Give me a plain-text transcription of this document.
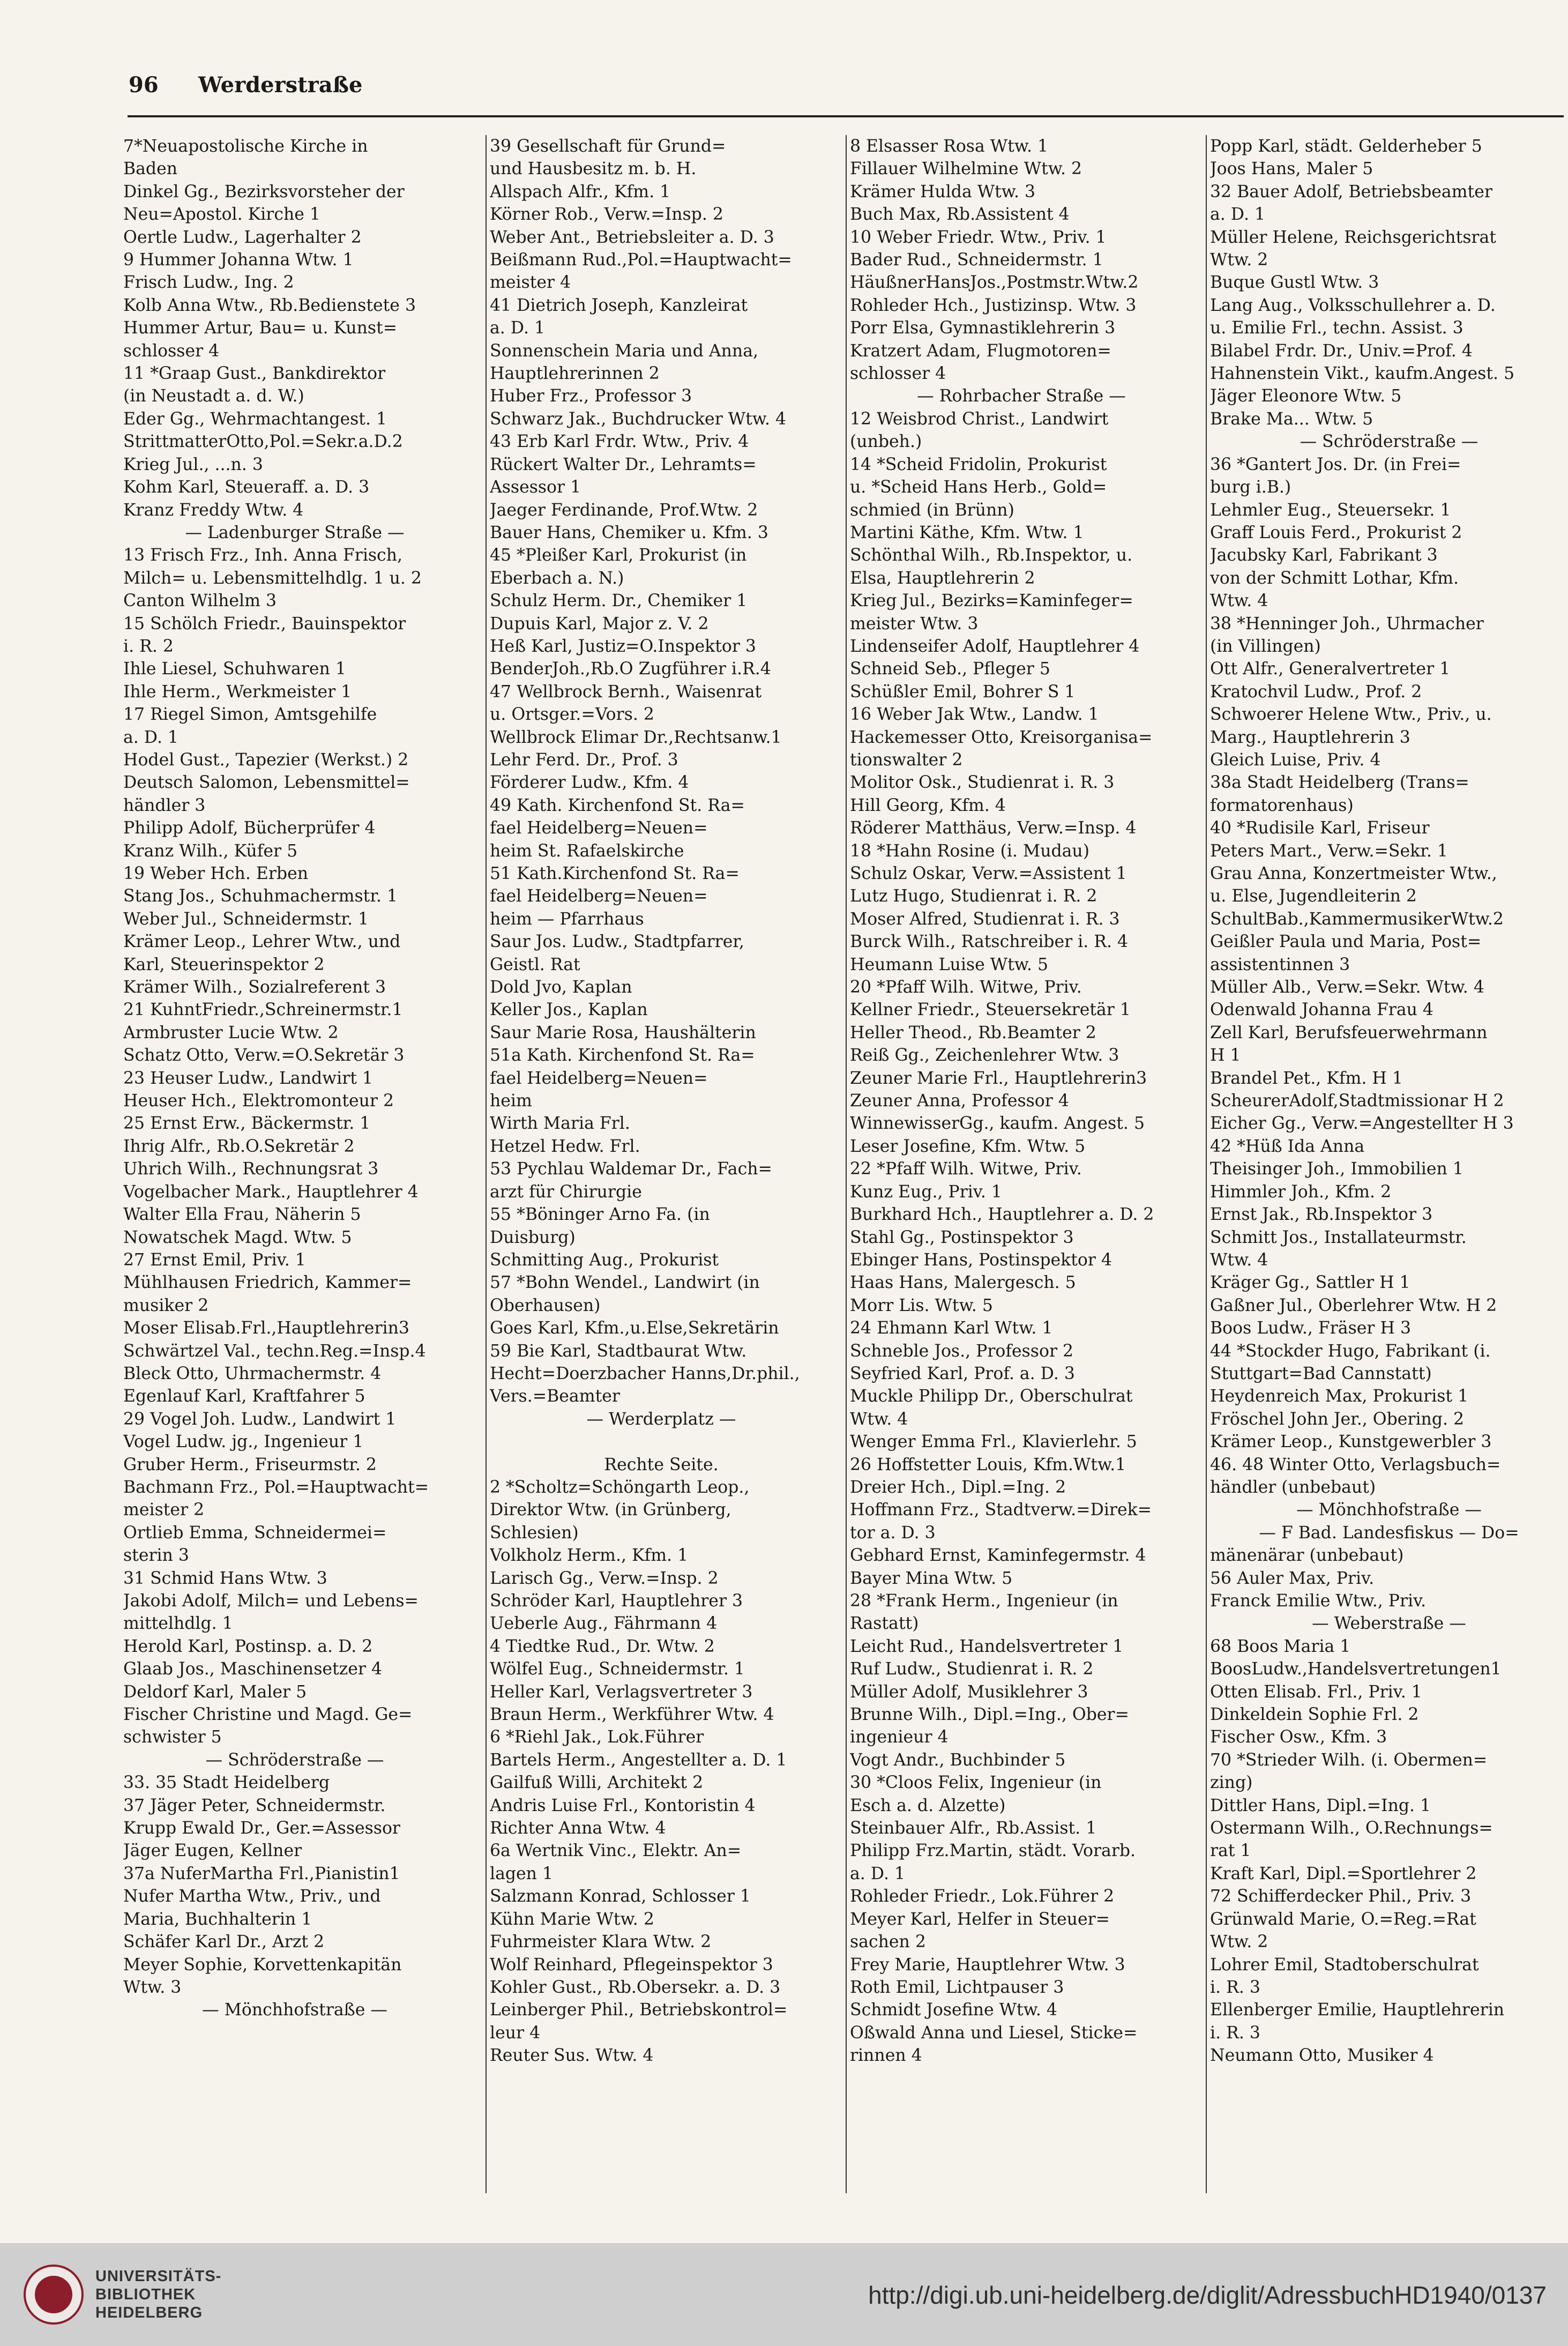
96	Werderstraße
7*Neuapostolische Kirche in
Baden
Dinkel Gg., Bezirksvorsteher der
Neu=Apostol. Kirche 1
Oertle Ludw., Lagerhalter 2
9 Hummer Johanna Wtw. 1
Frisch Ludw., Ing. 2
Kolb Anna Wtw., Rb.Bedienstete 3
Hummer Artur, Bau= u. Kunst=
schlosser 4
11 *Graap Gust., Bankdirektor
(in Neustadt a. d. W.)
Eder Gg., Wehrmachtangest. 1
StrittmatterOtto,Pol.=Sekr.a.D.2
Krieg Jul., ...n. 3
Kohm Karl, Steueraff. a. D. 3
Kranz Freddy Wtw. 4
— Ladenburger Straße —
13 Frisch Frz., Inh. Anna Frisch,
Milch= u. Lebensmittelhdlg. 1 u. 2
Canton Wilhelm 3
15 Schölch Friedr., Bauinspektor
i. R. 2
Ihle Liesel, Schuhwaren 1
Ihle Herm., Werkmeister 1
17 Riegel Simon, Amtsgehilfe
a. D. 1
Hodel Gust., Tapezier (Werkst.) 2
Deutsch Salomon, Lebensmittel=
händler 3
Philipp Adolf, Bücherprüfer 4
Kranz Wilh., Küfer 5
19 Weber Hch. Erben
Stang Jos., Schuhmachermstr. 1
Weber Jul., Schneidermstr. 1
Krämer Leop., Lehrer Wtw., und
Karl, Steuerinspektor 2
Krämer Wilh., Sozialreferent 3
21 KuhntFriedr.,Schreinermstr.1
Armbruster Lucie Wtw. 2
Schatz Otto, Verw.=O.Sekretär 3
23 Heuser Ludw., Landwirt 1
Heuser Hch., Elektromonteur 2
25 Ernst Erw., Bäckermstr. 1
Ihrig Alfr., Rb.O.Sekretär 2
Uhrich Wilh., Rechnungsrat 3
Vogelbacher Mark., Hauptlehrer 4
Walter Ella Frau, Näherin 5
Nowatschek Magd. Wtw. 5
27 Ernst Emil, Priv. 1
Mühlhausen Friedrich, Kammer=
musiker 2
Moser Elisab.Frl.,Hauptlehrerin3
Schwärtzel Val., techn.Reg.=Insp.4
Bleck Otto, Uhrmachermstr. 4
Egenlauf Karl, Kraftfahrer 5
29 Vogel Joh. Ludw., Landwirt 1
Vogel Ludw. jg., Ingenieur 1
Gruber Herm., Friseurmstr. 2
Bachmann Frz., Pol.=Hauptwacht=
meister 2
Ortlieb Emma, Schneidermei=
sterin 3
31 Schmid Hans Wtw. 3
Jakobi Adolf, Milch= und Lebens=
mittelhdlg. 1
Herold Karl, Postinsp. a. D. 2
Glaab Jos., Maschinensetzer 4
Deldorf Karl, Maler 5
Fischer Christine und Magd. Ge=
schwister 5
— Schröderstraße —
33. 35 Stadt Heidelberg
37 Jäger Peter, Schneidermstr.
Krupp Ewald Dr., Ger.=Assessor
Jäger Eugen, Kellner
37a NuferMartha Frl.,Pianistin1
Nufer Martha Wtw., Priv., und
Maria, Buchhalterin 1
Schäfer Karl Dr., Arzt 2
Meyer Sophie, Korvettenkapitän
Wtw. 3
— Mönchhofstraße —
39 Gesellschaft für Grund=
und Hausbesitz m. b. H.
Allspach Alfr., Kfm. 1
Körner Rob., Verw.=Insp. 2
Weber Ant., Betriebsleiter a. D. 3
Beißmann Rud.,Pol.=Hauptwacht=
meister 4
41 Dietrich Joseph, Kanzleirat
a. D. 1
Sonnenschein Maria und Anna,
Hauptlehrerinnen 2
Huber Frz., Professor 3
Schwarz Jak., Buchdrucker Wtw. 4
43 Erb Karl Frdr. Wtw., Priv. 4
Rückert Walter Dr., Lehramts=
Assessor 1
Jaeger Ferdinande, Prof.Wtw. 2
Bauer Hans, Chemiker u. Kfm. 3
45 *Pleißer Karl, Prokurist (in
Eberbach a. N.)
Schulz Herm. Dr., Chemiker 1
Dupuis Karl, Major z. V. 2
Heß Karl, Justiz=O.Inspektor 3
BenderJoh.,Rb.O Zugführer i.R.4
47 Wellbrock Bernh., Waisenrat
u. Ortsger.=Vors. 2
Wellbrock Elimar Dr.,Rechtsanw.1
Lehr Ferd. Dr., Prof. 3
Förderer Ludw., Kfm. 4
49 Kath. Kirchenfond St. Ra=
fael Heidelberg=Neuen=
heim St. Rafaelskirche
51 Kath.Kirchenfond St. Ra=
fael Heidelberg=Neuen=
heim — Pfarrhaus
Saur Jos. Ludw., Stadtpfarrer,
Geistl. Rat
Dold Jvo, Kaplan
Keller Jos., Kaplan
Saur Marie Rosa, Haushälterin
51a Kath. Kirchenfond St. Ra=
fael Heidelberg=Neuen=
heim
Wirth Maria Frl.
Hetzel Hedw. Frl.
53 Pychlau Waldemar Dr., Fach=
arzt für Chirurgie
55 *Böninger Arno Fa. (in
Duisburg)
Schmitting Aug., Prokurist
57 *Bohn Wendel., Landwirt (in
Oberhausen)
Goes Karl, Kfm.,u.Else,Sekretärin
59 Bie Karl, Stadtbaurat Wtw.
Hecht=Doerzbacher Hanns,Dr.phil.,
Vers.=Beamter
— Werderplatz —

Rechte Seite.
2 *Scholtz=Schöngarth Leop.,
Direktor Wtw. (in Grünberg,
Schlesien)
Volkholz Herm., Kfm. 1
Larisch Gg., Verw.=Insp. 2
Schröder Karl, Hauptlehrer 3
Ueberle Aug., Fährmann 4
4 Tiedtke Rud., Dr. Wtw. 2
Wölfel Eug., Schneidermstr. 1
Heller Karl, Verlagsvertreter 3
Braun Herm., Werkführer Wtw. 4
6 *Riehl Jak., Lok.Führer
Bartels Herm., Angestellter a. D. 1
Gailfuß Willi, Architekt 2
Andris Luise Frl., Kontoristin 4
Richter Anna Wtw. 4
6a Wertnik Vinc., Elektr. An=
lagen 1
Salzmann Konrad, Schlosser 1
Kühn Marie Wtw. 2
Fuhrmeister Klara Wtw. 2
Wolf Reinhard, Pflegeinspektor 3
Kohler Gust., Rb.Obersekr. a. D. 3
Leinberger Phil., Betriebskontrol=
leur 4
Reuter Sus. Wtw. 4
8 Elsasser Rosa Wtw. 1
Fillauer Wilhelmine Wtw. 2
Krämer Hulda Wtw. 3
Buch Max, Rb.Assistent 4
10 Weber Friedr. Wtw., Priv. 1
Bader Rud., Schneidermstr. 1
HäußnerHansJos.,Postmstr.Wtw.2
Rohleder Hch., Justizinsp. Wtw. 3
Porr Elsa, Gymnastiklehrerin 3
Kratzert Adam, Flugmotoren=
schlosser 4
— Rohrbacher Straße —
12 Weisbrod Christ., Landwirt
(unbeh.)
14 *Scheid Fridolin, Prokurist
u. *Scheid Hans Herb., Gold=
schmied (in Brünn)
Martini Käthe, Kfm. Wtw. 1
Schönthal Wilh., Rb.Inspektor, u.
Elsa, Hauptlehrerin 2
Krieg Jul., Bezirks=Kaminfeger=
meister Wtw. 3
Lindenseifer Adolf, Hauptlehrer 4
Schneid Seb., Pfleger 5
Schüßler Emil, Bohrer S 1
16 Weber Jak Wtw., Landw. 1
Hackemesser Otto, Kreisorganisa=
tionswalter 2
Molitor Osk., Studienrat i. R. 3
Hill Georg, Kfm. 4
Röderer Matthäus, Verw.=Insp. 4
18 *Hahn Rosine (i. Mudau)
Schulz Oskar, Verw.=Assistent 1
Lutz Hugo, Studienrat i. R. 2
Moser Alfred, Studienrat i. R. 3
Burck Wilh., Ratschreiber i. R. 4
Heumann Luise Wtw. 5
20 *Pfaff Wilh. Witwe, Priv.
Kellner Friedr., Steuersekretär 1
Heller Theod., Rb.Beamter 2
Reiß Gg., Zeichenlehrer Wtw. 3
Zeuner Marie Frl., Hauptlehrerin3
Zeuner Anna, Professor 4
WinnewisserGg., kaufm. Angest. 5
Leser Josefine, Kfm. Wtw. 5
22 *Pfaff Wilh. Witwe, Priv.
Kunz Eug., Priv. 1
Burkhard Hch., Hauptlehrer a. D. 2
Stahl Gg., Postinspektor 3
Ebinger Hans, Postinspektor 4
Haas Hans, Malergesch. 5
Morr Lis. Wtw. 5
24 Ehmann Karl Wtw. 1
Schneble Jos., Professor 2
Seyfried Karl, Prof. a. D. 3
Muckle Philipp Dr., Oberschulrat
Wtw. 4
Wenger Emma Frl., Klavierlehr. 5
26 Hoffstetter Louis, Kfm.Wtw.1
Dreier Hch., Dipl.=Ing. 2
Hoffmann Frz., Stadtverw.=Direk=
tor a. D. 3
Gebhard Ernst, Kaminfegermstr. 4
Bayer Mina Wtw. 5
28 *Frank Herm., Ingenieur (in
Rastatt)
Leicht Rud., Handelsvertreter 1
Ruf Ludw., Studienrat i. R. 2
Müller Adolf, Musiklehrer 3
Brunne Wilh., Dipl.=Ing., Ober=
ingenieur 4
Vogt Andr., Buchbinder 5
30 *Cloos Felix, Ingenieur (in
Esch a. d. Alzette)
Steinbauer Alfr., Rb.Assist. 1
Philipp Frz.Martin, städt. Vorarb.
a. D. 1
Rohleder Friedr., Lok.Führer 2
Meyer Karl, Helfer in Steuer=
sachen 2
Frey Marie, Hauptlehrer Wtw. 3
Roth Emil, Lichtpauser 3
Schmidt Josefine Wtw. 4
Oßwald Anna und Liesel, Sticke=
rinnen 4
Popp Karl, städt. Gelderheber 5
Joos Hans, Maler 5
32 Bauer Adolf, Betriebsbeamter
a. D. 1
Müller Helene, Reichsgerichtsrat
Wtw. 2
Buque Gustl Wtw. 3
Lang Aug., Volksschullehrer a. D.
u. Emilie Frl., techn. Assist. 3
Bilabel Frdr. Dr., Univ.=Prof. 4
Hahnenstein Vikt., kaufm.Angest. 5
Jäger Eleonore Wtw. 5
Brake Ma... Wtw. 5
— Schröderstraße —
36 *Gantert Jos. Dr. (in Frei=
burg i.B.)
Lehmler Eug., Steuersekr. 1
Graff Louis Ferd., Prokurist 2
Jacubsky Karl, Fabrikant 3
von der Schmitt Lothar, Kfm.
Wtw. 4
38 *Henninger Joh., Uhrmacher
(in Villingen)
Ott Alfr., Generalvertreter 1
Kratochvil Ludw., Prof. 2
Schwoerer Helene Wtw., Priv., u.
Marg., Hauptlehrerin 3
Gleich Luise, Priv. 4
38a Stadt Heidelberg (Trans=
formatorenhaus)
40 *Rudisile Karl, Friseur
Peters Mart., Verw.=Sekr. 1
Grau Anna, Konzertmeister Wtw.,
u. Else, Jugendleiterin 2
SchultBab.,KammermusikerWtw.2
Geißler Paula und Maria, Post=
assistentinnen 3
Müller Alb., Verw.=Sekr. Wtw. 4
Odenwald Johanna Frau 4
Zell Karl, Berufsfeuerwehrmann
H 1
Brandel Pet., Kfm. H 1
ScheurerAdolf,Stadtmissionar H 2
Eicher Gg., Verw.=Angestellter H 3
42 *Hüß Ida Anna
Theisinger Joh., Immobilien 1
Himmler Joh., Kfm. 2
Ernst Jak., Rb.Inspektor 3
Schmitt Jos., Installateurmstr.
Wtw. 4
Kräger Gg., Sattler H 1
Gaßner Jul., Oberlehrer Wtw. H 2
Boos Ludw., Fräser H 3
44 *Stockder Hugo, Fabrikant (i.
Stuttgart=Bad Cannstatt)
Heydenreich Max, Prokurist 1
Fröschel John Jer., Obering. 2
Krämer Leop., Kunstgewerbler 3
46. 48 Winter Otto, Verlagsbuch=
händler (unbebaut)
— Mönchhofstraße —
— F Bad. Landesfiskus — Do=
mänenärar (unbebaut)
56 Auler Max, Priv.
Franck Emilie Wtw., Priv.
— Weberstraße —
68 Boos Maria 1
BoosLudw.,Handelsvertretungen1
Otten Elisab. Frl., Priv. 1
Dinkeldein Sophie Frl. 2
Fischer Osw., Kfm. 3
70 *Strieder Wilh. (i. Obermen=
zing)
Dittler Hans, Dipl.=Ing. 1
Ostermann Wilh., O.Rechnungs=
rat 1
Kraft Karl, Dipl.=Sportlehrer 2
72 Schifferdecker Phil., Priv. 3
Grünwald Marie, O.=Reg.=Rat
Wtw. 2
Lohrer Emil, Stadtoberschulrat
i. R. 3
Ellenberger Emilie, Hauptlehrerin
i. R. 3
Neumann Otto, Musiker 4
UNIVERSITÄTS-
BIBLIOTHEK
HEIDELBERG
http://digi.ub.uni-heidelberg.de/diglit/AdressbuchHD1940/0137
